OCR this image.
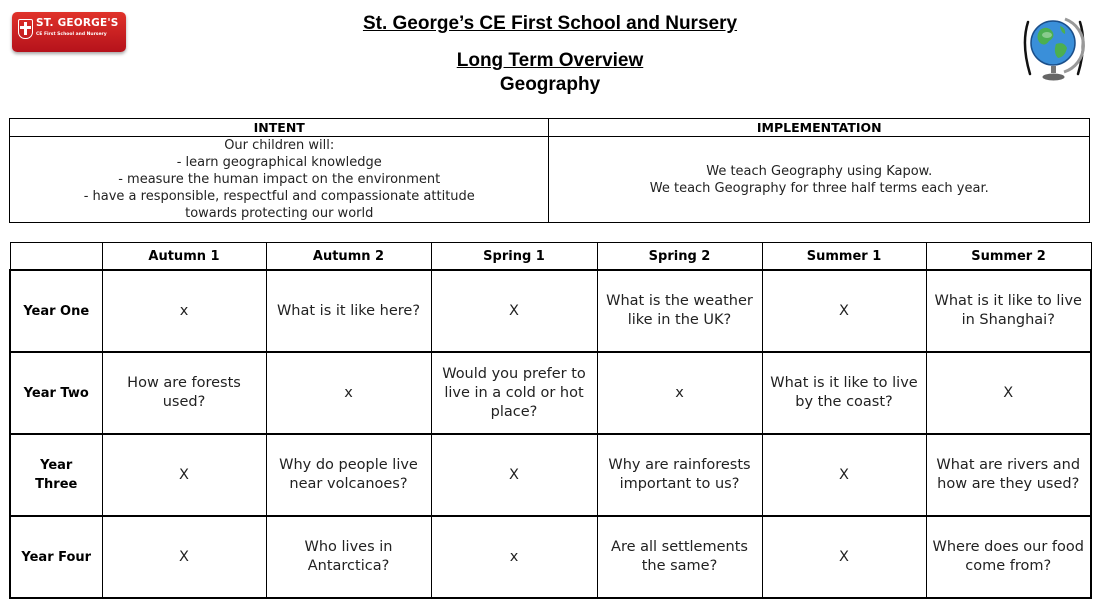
ST. GEORGE'S
CE First School and Nursery
St. George’s CE First School and Nursery
Long Term Overview
Geography
INTENT	IMPLEMENTATION

Our children will:
- learn geographical knowledge
- measure the human impact on the environment
- have a responsible, respectful and compassionate attitude
towards protecting our world	We teach Geography using Kapow.
We teach Geography for three half terms each year.
	Autumn 1	Autumn 2	Spring 1	Spring 2	Summer 1	Summer 2
Year One	x	What is it like here?	X	What is the weather like in the UK?	X	What is it like to live in Shanghai?
Year Two	How are forests used?	x	Would you prefer to live in a cold or hot place?	x	What is it like to live by the coast?	X
Year Three	X	Why do people live near volcanoes?	X	Why are rainforests important to us?	X	What are rivers and how are they used?
Year Four	X	Who lives in Antarctica?	x	Are all settlements the same?	X	Where does our food come from?
